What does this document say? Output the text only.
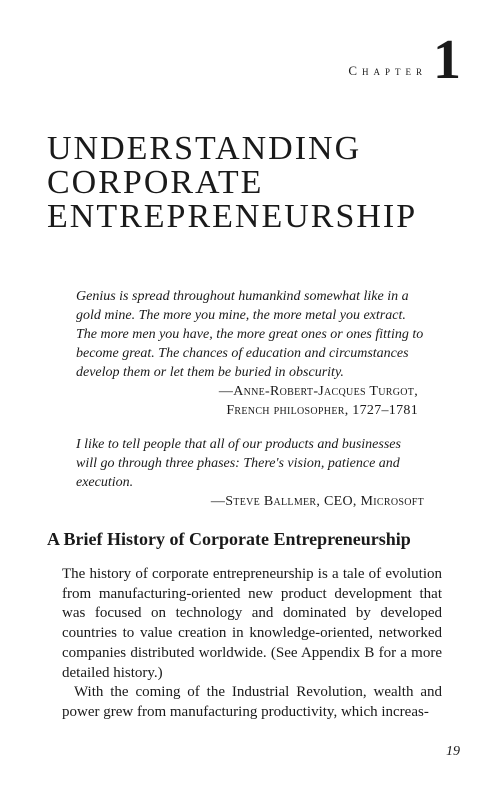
Chapter 1
UNDERSTANDING
CORPORATE
ENTREPRENEURSHIP

Genius is spread throughout humankind somewhat like in a gold mine. The more you mine, the more metal you extract. The more men you have, the more great ones or ones fitting to become great. The chances of education and circumstances develop them or let them be buried in obscurity.

—Anne-Robert-Jacques Turgot,

French philosopher, 1727–1781

I like to tell people that all of our products and businesses will go through three phases: There's vision, patience and execution.

—Steve Ballmer, CEO, Microsoft

A Brief History of Corporate Entrepreneurship

The history of corporate entrepreneurship is a tale of evolution from manufacturing-oriented new product development that was focused on technology and dominated by developed countries to value creation in knowledge-oriented, networked companies distributed worldwide. (See Appendix B for a more detailed history.)

With the coming of the Industrial Revolution, wealth and power grew from manufacturing productivity, which increas-

19
